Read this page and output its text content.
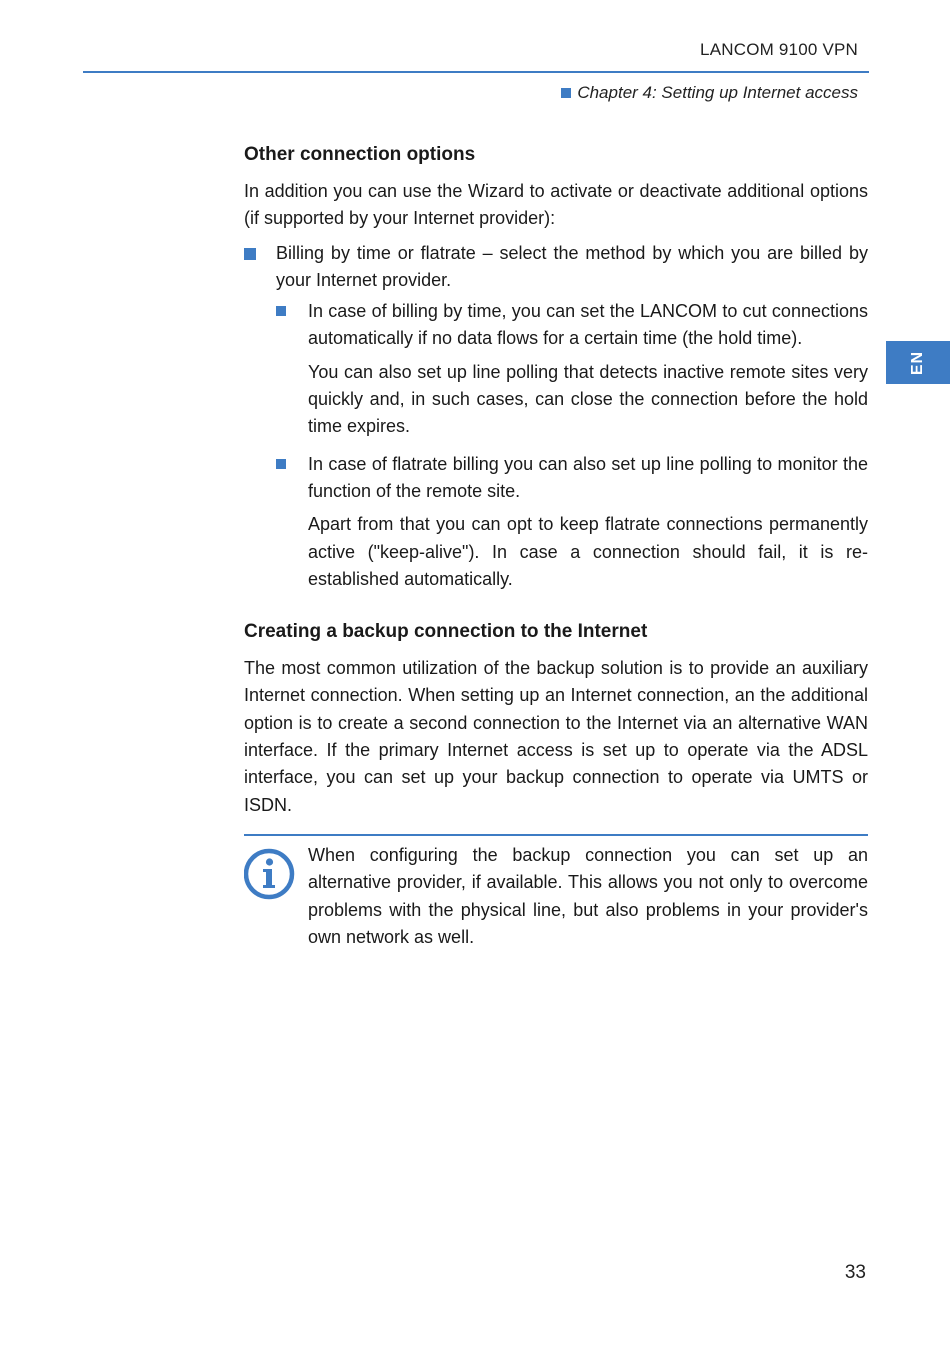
LANCOM 9100 VPN
Chapter 4: Setting up Internet access
EN
Other connection options

In addition you can use the Wizard to activate or deactivate additional options (if supported by your Internet provider):

Billing by time or flatrate – select the method by which you are billed by your Internet provider.

In case of billing by time, you can set the LANCOM to cut connections automatically if no data flows for a certain time (the hold time).

You can also set up line polling that detects inactive remote sites very quickly and, in such cases, can close the connection before the hold time expires.

In case of flatrate billing you can also set up line polling to monitor the function of the remote site.

Apart from that you can opt to keep flatrate connections permanently active ("keep-alive"). In case a connection should fail, it is re-established automatically.

Creating a backup connection to the Internet

The most common utilization of the backup solution is to provide an auxiliary Internet connection. When setting up an Internet connection, an the additional option is to create a second connection to the Internet via an alternative WAN interface. If the primary Internet access is set up to operate via the ADSL interface, you can set up your backup connection to operate via UMTS or ISDN.

When configuring the backup connection you can set up an alternative provider, if available. This allows you not only to overcome problems with the physical line, but also problems in your provider's own network as well.

33
